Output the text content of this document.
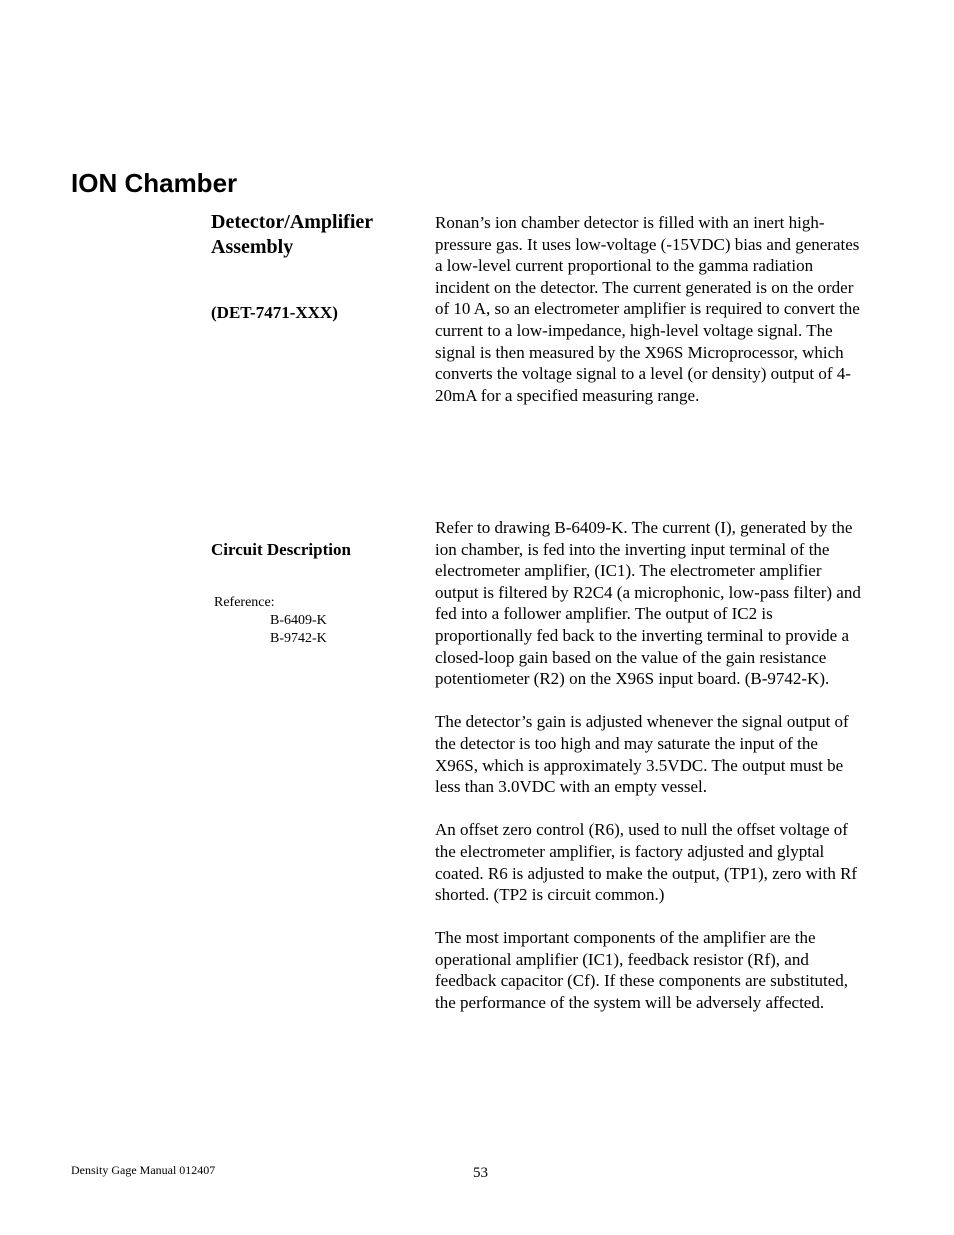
ION Chamber
Detector/Amplifier Assembly
(DET-7471-XXX)

Ronan’s ion chamber detector is filled with an inert high-pressure gas. It uses low-voltage (-15VDC) bias and generates a low-level current proportional to the gamma radiation incident on the detector. The current generated is on the order of 10 A, so an electrometer amplifier is required to convert the current to a low-impedance, high-level voltage signal. The signal is then measured by the X96S Microprocessor, which converts the voltage signal to a level (or density) output of 4-20mA for a specified measuring range.

Circuit Description
Reference:
B-6409-K
B-9742-K

Refer to drawing B-6409-K. The current (I), generated by the ion chamber, is fed into the inverting input terminal of the electrometer amplifier, (IC1). The electrometer amplifier output is filtered by R2C4 (a microphonic, low-pass filter) and fed into a follower amplifier. The output of IC2 is proportionally fed back to the inverting terminal to provide a closed-loop gain based on the value of the gain resistance potentiometer (R2) on the X96S input board. (B-9742-K).

The detector’s gain is adjusted whenever the signal output of the detector is too high and may saturate the input of the X96S, which is approximately 3.5VDC. The output must be less than 3.0VDC with an empty vessel.

An offset zero control (R6), used to null the offset voltage of the electrometer amplifier, is factory adjusted and glyptal coated. R6 is adjusted to make the output, (TP1), zero with Rf shorted. (TP2 is circuit common.)

The most important components of the amplifier are the operational amplifier (IC1), feedback resistor (Rf), and feedback capacitor (Cf). If these components are substituted, the performance of the system will be adversely affected.

Density Gage Manual 012407	53
